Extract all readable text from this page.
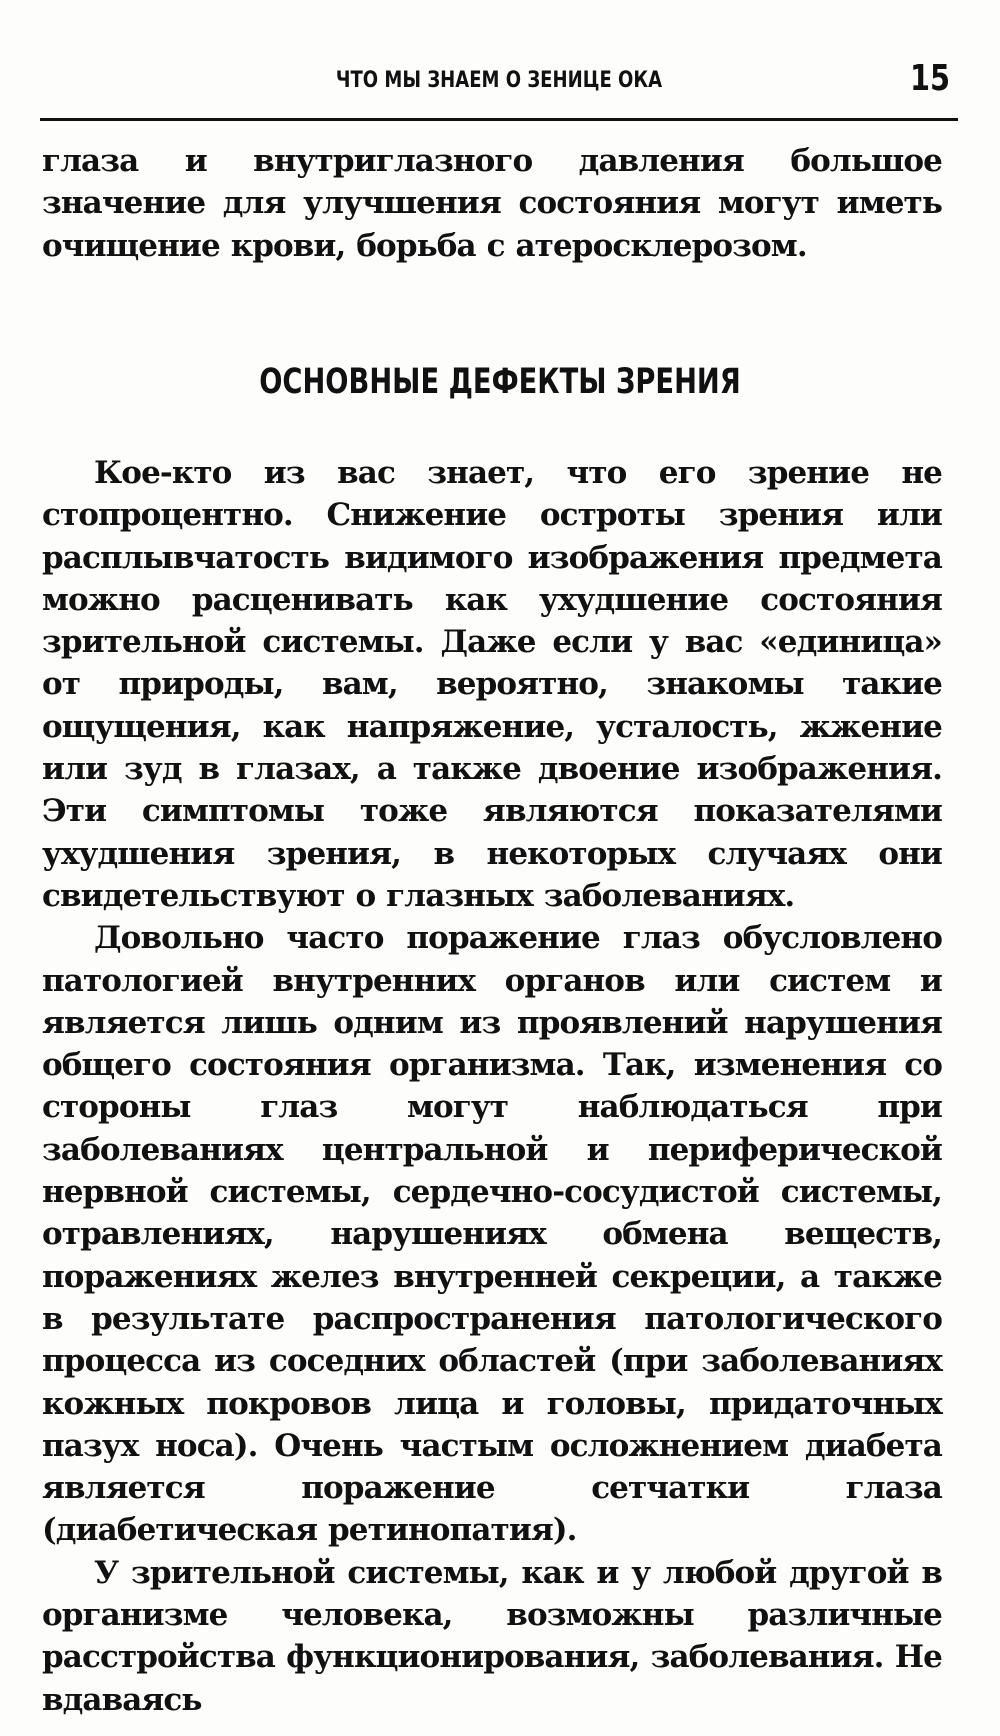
ЧТО МЫ ЗНАЕМ О ЗЕНИЦЕ ОКА	15

глаза и внутриглазного давления большое значение для улучшения состояния могут иметь очищение крови, борьба с атеросклерозом.

ОСНОВНЫЕ ДЕФЕКТЫ ЗРЕНИЯ

Кое-кто из вас знает, что его зрение не стопроцентно. Снижение остроты зрения или расплывчатость видимого изображения предмета можно расценивать как ухудшение состояния зрительной системы. Даже если у вас «единица» от природы, вам, вероятно, знакомы такие ощущения, как напряжение, усталость, жжение или зуд в глазах, а также двоение изображения. Эти симптомы тоже являются показателями ухудшения зрения, в некоторых случаях они свидетельствуют о глазных заболеваниях.

Довольно часто поражение глаз обусловлено патологией внутренних органов или систем и является лишь одним из проявлений нарушения общего состояния организма. Так, изменения со стороны глаз могут наблюдаться при заболеваниях центральной и периферической нервной системы, сердечно-сосудистой системы, отравлениях, нарушениях обмена веществ, поражениях желез внутренней секреции, а также в результате распространения патологического процесса из соседних областей (при заболеваниях кожных покровов лица и головы, придаточных пазух носа). Очень частым осложнением диабета является поражение сетчатки глаза (диабетическая ретинопатия).

У зрительной системы, как и у любой другой в организме человека, возможны различные расстройства функционирования, заболевания. Не вдаваясь
